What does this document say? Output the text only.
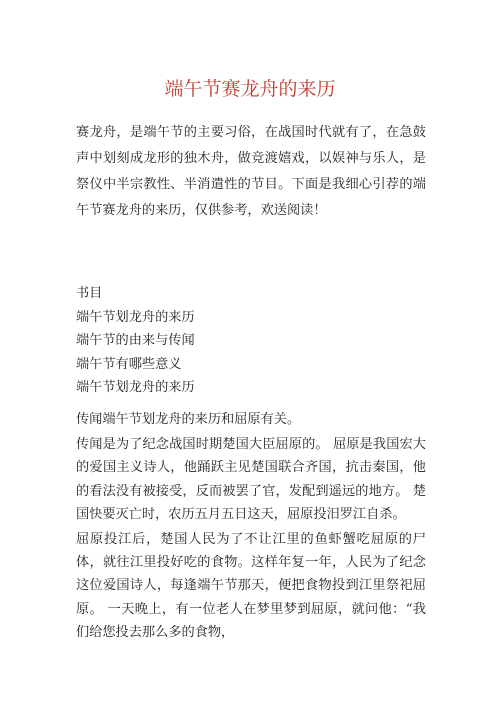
端午节赛龙舟的来历

赛龙舟，是端午节的主要习俗，在战国时代就有了，在急鼓声中划刻成龙形的独木舟，做竞渡嬉戏，以娱神与乐人，是祭仪中半宗教性、半消遣性的节目。下面是我细心引荐的端午节赛龙舟的来历，仅供参考，欢送阅读！

书目
端午节划龙舟的来历
端午节的由来与传闻
端午节有哪些意义
端午节划龙舟的来历

传闻端午节划龙舟的来历和屈原有关。

传闻是为了纪念战国时期楚国大臣屈原的。 屈原是我国宏大的爱国主义诗人，他踊跃主见楚国联合齐国，抗击秦国，他的看法没有被接受，反而被罢了官，发配到遥远的地方。 楚国快要灭亡时，农历五月五日这天，屈原投汨罗江自杀。

屈原投江后，楚国人民为了不让江里的鱼虾蟹吃屈原的尸体，就往江里投好吃的食物。这样年复一年，人民为了纪念这位爱国诗人，每逢端午节那天，便把食物投到江里祭祀屈原。 一天晚上，有一位老人在梦里梦到屈原，就问他：“我们给您投去那么多的食物，
